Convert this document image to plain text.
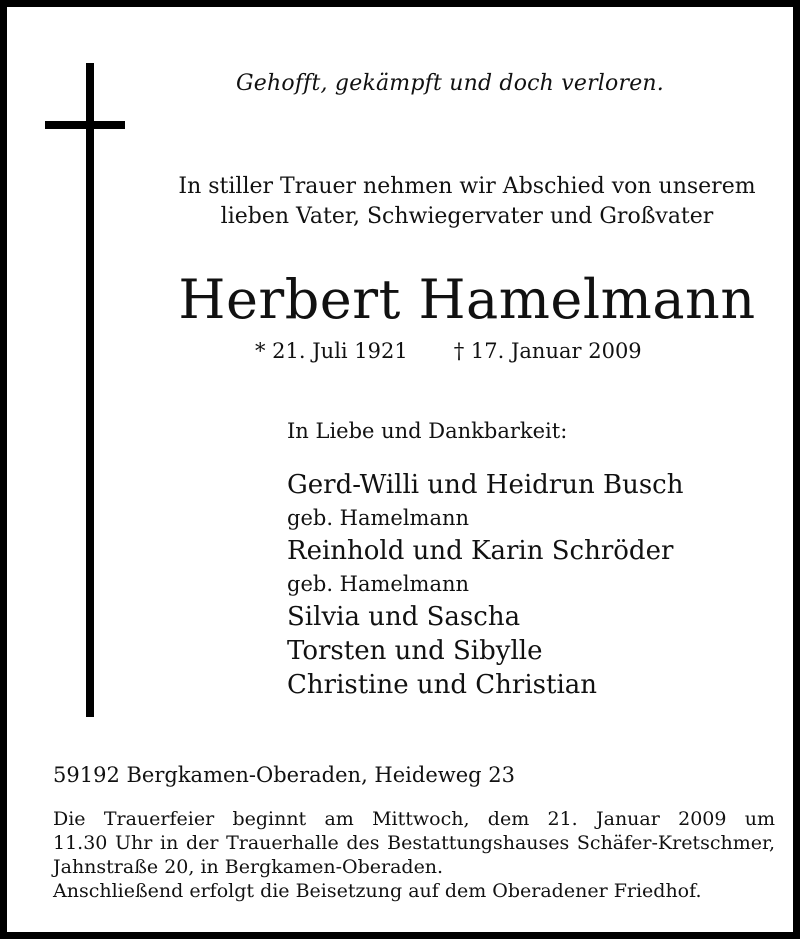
Gehofft, gekämpft und doch verloren.
In stiller Trauer nehmen wir Abschied von unserem
lieben Vater, Schwiegervater und Großvater
Herbert Hamelmann
* 21. Juli 1921 † 17. Januar 2009
In Liebe und Dankbarkeit:
Gerd-Willi und Heidrun Busch
geb. Hamelmann
Reinhold und Karin Schröder
geb. Hamelmann
Silvia und Sascha
Torsten und Sibylle
Christine und Christian
59192 Bergkamen-Oberaden, Heideweg 23
Die Trauerfeier beginnt am Mittwoch, dem 21. Januar 2009 um
11.30 Uhr in der Trauerhalle des Bestattungshauses Schäfer-Kretschmer,
Jahnstraße 20, in Bergkamen-Oberaden.
Anschließend erfolgt die Beisetzung auf dem Oberadener Friedhof.
